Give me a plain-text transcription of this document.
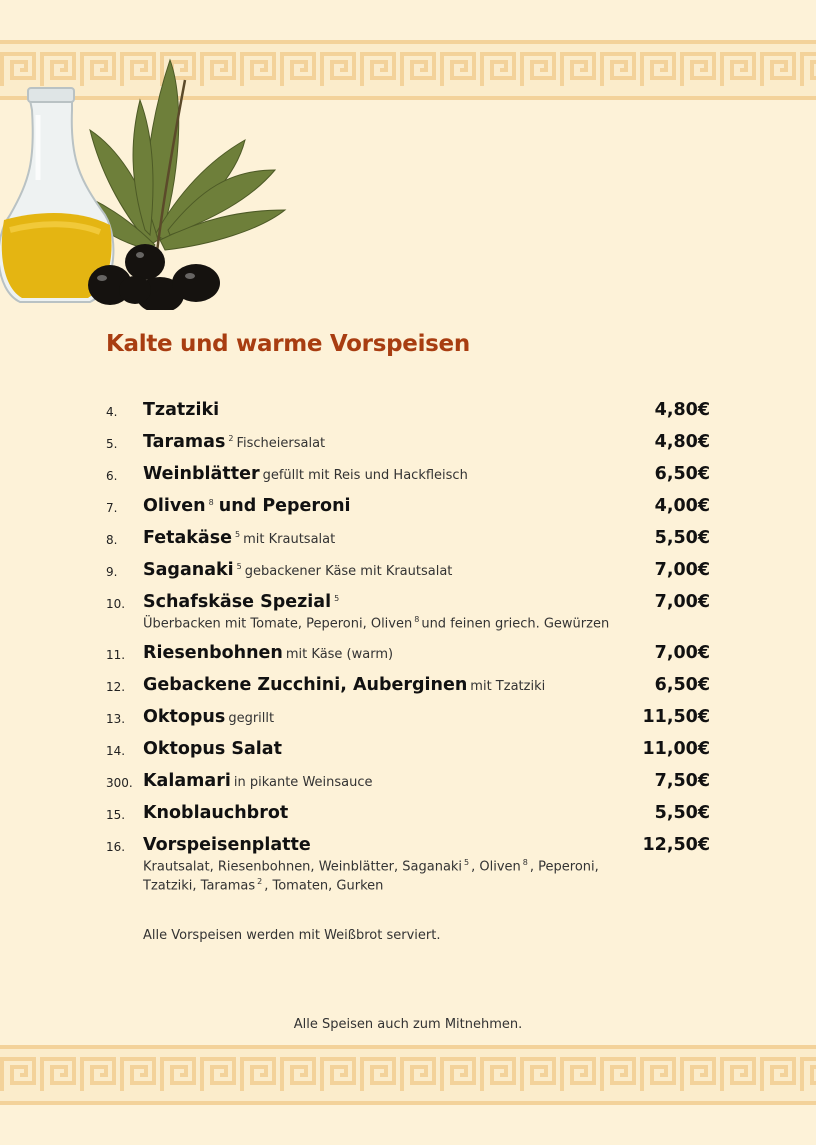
Kalte und warme Vorspeisen
4. Tzatziki	4,80€
5. Taramas $^2$ Fischeiersalat	4,80€
6. Weinblätter gefüllt mit Reis und Hackfleisch	6,50€
7. Oliven $^8$ und Peperoni	4,00€
8. Fetakäse $^5$ mit Krautsalat	5,50€
9. Saganaki $^5$ gebackener Käse mit Krautsalat	7,00€
10. Schafskäse Spezial $^5$	7,00€
Überbacken mit Tomate, Peperoni, Oliven $^8$ und feinen griech. Gewürzen
11. Riesenbohnen mit Käse (warm)	7,00€
12. Gebackene Zucchini, Auberginen mit Tzatziki	6,50€
13. Oktopus gegrillt	11,50€
14. Oktopus Salat	11,00€
300. Kalamari in pikante Weinsauce	7,50€
15. Knoblauchbrot	5,50€
16. Vorspeisenplatte	12,50€
Krautsalat, Riesenbohnen, Weinblätter, Saganaki $^5$ , Oliven $^8$ , Peperoni,
Tzatziki, Taramas $^2$ , Tomaten, Gurken
Alle Vorspeisen werden mit Weißbrot serviert.
Alle Speisen auch zum Mitnehmen.
